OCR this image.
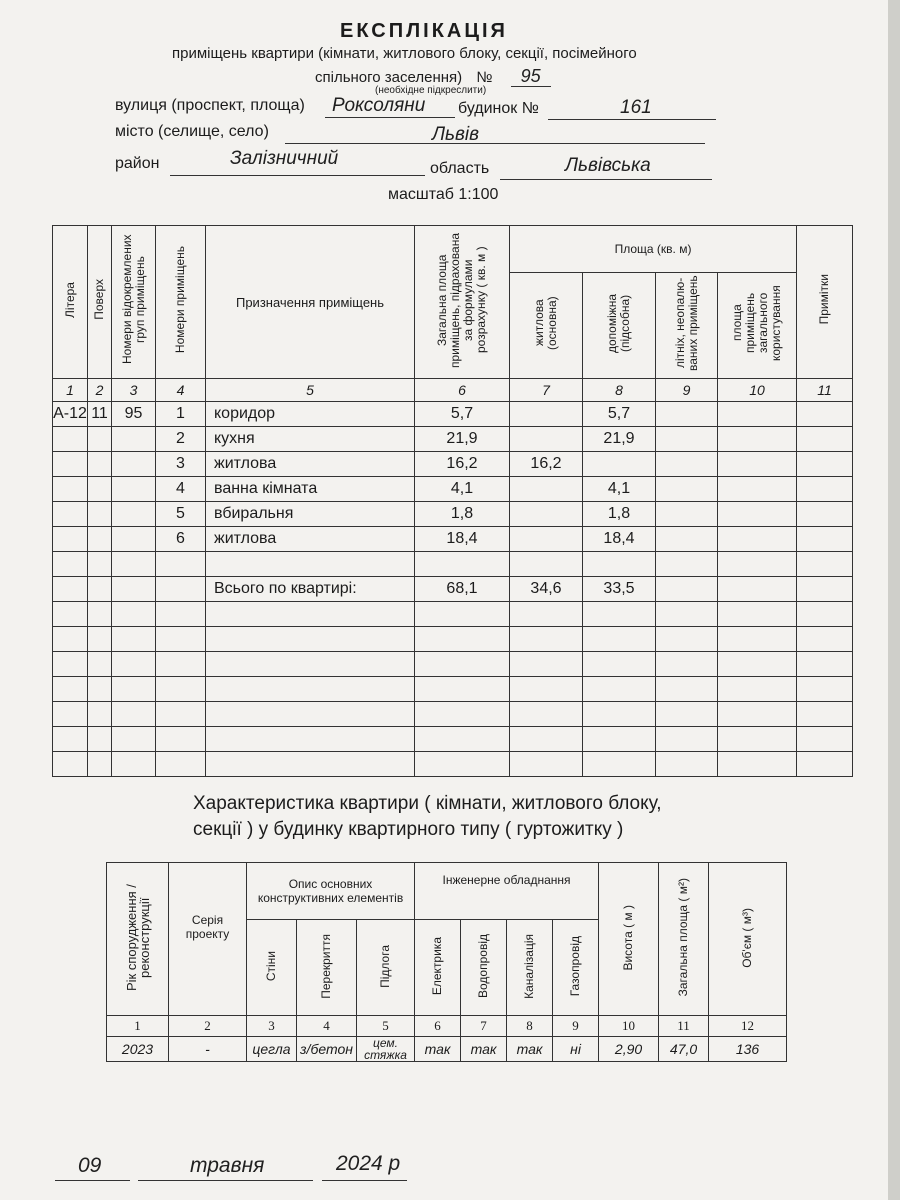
ЕКСПЛІКАЦІЯ
приміщень квартири (кімнати, житлового блоку, секції, посімейного
спільного заселення) № 95
(необхідне підкреслити)
вулиця (проспект, площа) Роксоляни будинок №	161
місто (селище, село)	Львів
район	Залізничний	область	Львівська
масштаб 1:100
Літера	Поверх	Номери відокремлених груп приміщень	Номери приміщень	Призначення приміщень	Загальна площа приміщень, підрахована за формулами розрахунку ( кв. м )	Площа (кв. м)				Примітки
						житлова (основна)	допоміжна (підсобна)	літніх, неопалю- ваних приміщень	площа приміщень загального користування	
1	2	3	4	5	6	7	8	9	10	11
А-12	11	95	1	коридор	5,7		5,7			
			2	кухня	21,9		21,9			
			3	житлова	16,2	16,2				
			4	ванна кімната	4,1		4,1			
			5	вбиральня	1,8		1,8			
			6	житлова	18,4		18,4			

				Всього по квартирі:	68,1	34,6	33,5			

Характеристика квартири ( кімнати, житлового блоку,
секції ) у будинку квартирного типу ( гуртожитку )
Рік спорудження / реконструкції	Серія проекту	Опис основних конструктивних елементів			Інженерне обладнання				Висота ( м )	Загальна площа ( м²)	Об'єм ( м³)
		Стіни	Перекриття	Підлога	Електрика	Водопровід	Каналізація	Газопровід			

1	2	3	4	5	6	7	8	9	10	11	12
2023	-	цегла	з/бетон	цем. стяжка	так	так	так	ні	2,90	47,0	136
09	травня	2024 р
